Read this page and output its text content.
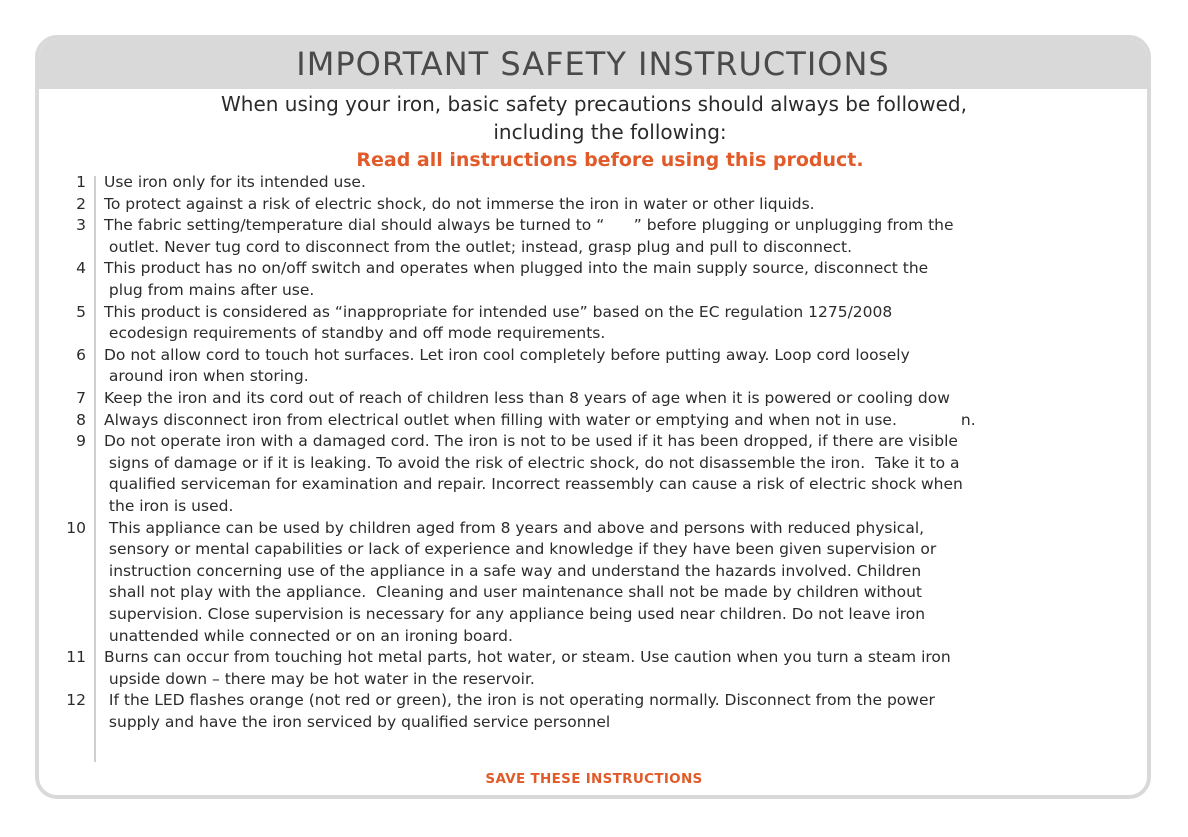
IMPORTANT SAFETY INSTRUCTIONS
When using your iron, basic safety precautions should always be followed,
including the following:
Read all instructions before using this product.
1 Use iron only for its intended use.
2 To protect against a risk of electric shock, do not immerse the iron in water or other liquids.
3 The fabric setting/temperature dial should always be turned to “      ” before plugging or unplugging from the
outlet. Never tug cord to disconnect from the outlet; instead, grasp plug and pull to disconnect.
4 This product has no on/off switch and operates when plugged into the main supply source, disconnect the
plug from mains after use.
5 This product is considered as “inappropriate for intended use” based on the EC regulation 1275/2008
ecodesign requirements of standby and off mode requirements.
6 Do not allow cord to touch hot surfaces. Let iron cool completely before putting away. Loop cord loosely
around iron when storing.
7 Keep the iron and its cord out of reach of children less than 8 years of age when it is powered or cooling dow
8 Always disconnect iron from electrical outlet when filling with water or emptying and when not in use.             n.
9 Do not operate iron with a damaged cord. The iron is not to be used if it has been dropped, if there are visible
signs of damage or if it is leaking. To avoid the risk of electric shock, do not disassemble the iron.  Take it to a
qualified serviceman for examination and repair. Incorrect reassembly can cause a risk of electric shock when
the iron is used.
10 This appliance can be used by children aged from 8 years and above and persons with reduced physical,
sensory or mental capabilities or lack of experience and knowledge if they have been given supervision or
instruction concerning use of the appliance in a safe way and understand the hazards involved. Children
shall not play with the appliance.  Cleaning and user maintenance shall not be made by children without
supervision. Close supervision is necessary for any appliance being used near children. Do not leave iron
unattended while connected or on an ironing board.
11 Burns can occur from touching hot metal parts, hot water, or steam. Use caution when you turn a steam iron
upside down – there may be hot water in the reservoir.
12 If the LED flashes orange (not red or green), the iron is not operating normally. Disconnect from the power
supply and have the iron serviced by qualified service personnel
SAVE THESE INSTRUCTIONS
